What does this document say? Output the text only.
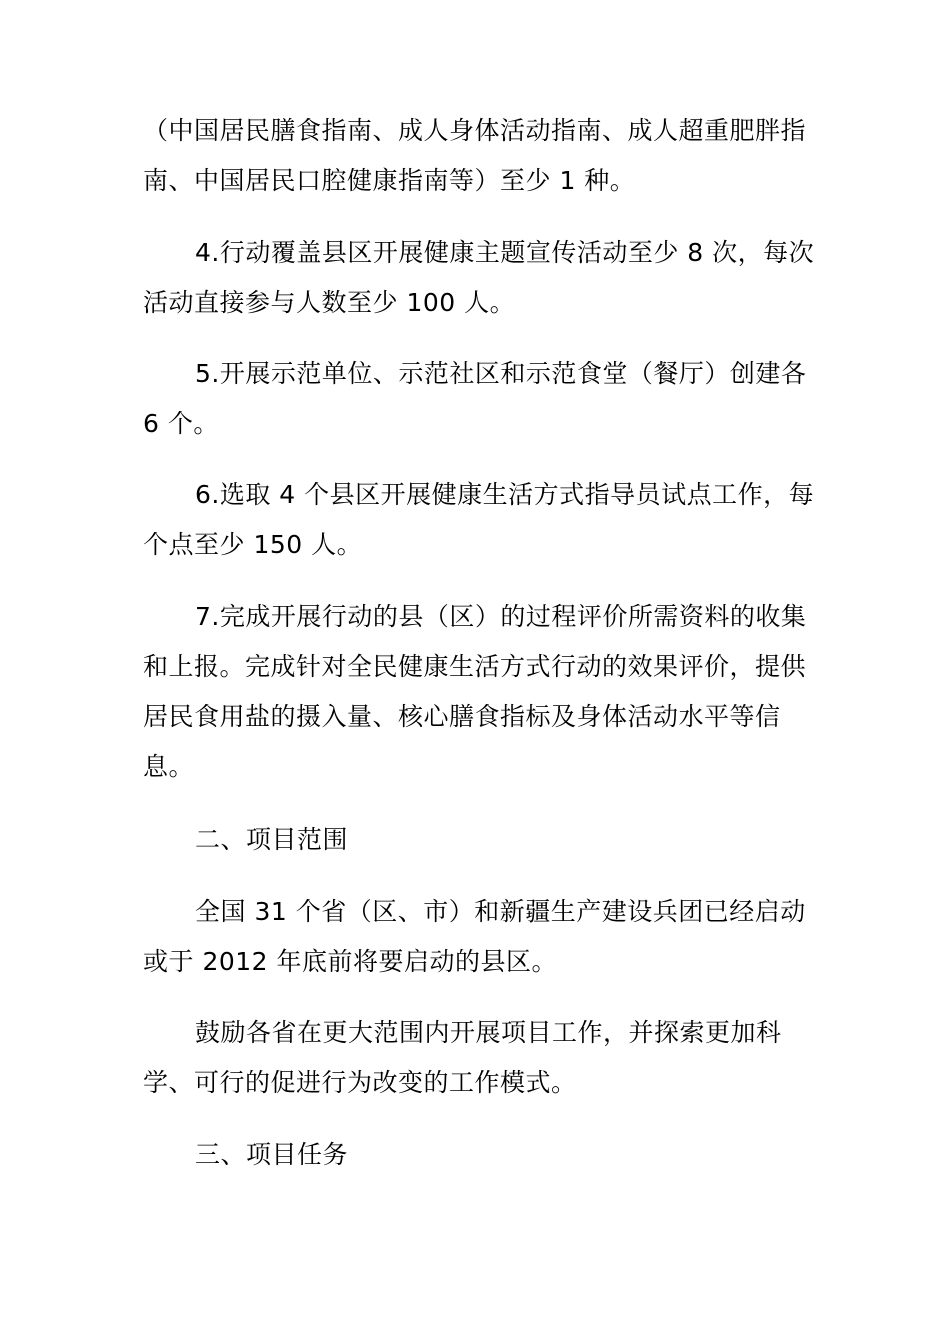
（中国居民膳食指南、成人身体活动指南、成人超重肥胖指
南、中国居民口腔健康指南等）至少 1 种。
4.行动覆盖县区开展健康主题宣传活动至少 8 次，每次
活动直接参与人数至少 100 人。
5.开展示范单位、示范社区和示范食堂（餐厅）创建各
6 个。
6.选取 4 个县区开展健康生活方式指导员试点工作，每
个点至少 150 人。
7.完成开展行动的县（区）的过程评价所需资料的收集
和上报。完成针对全民健康生活方式行动的效果评价，提供
居民食用盐的摄入量、核心膳食指标及身体活动水平等信
息。
二、项目范围
全国 31 个省（区、市）和新疆生产建设兵团已经启动
或于 2012 年底前将要启动的县区。
鼓励各省在更大范围内开展项目工作，并探索更加科
学、可行的促进行为改变的工作模式。
三、项目任务
